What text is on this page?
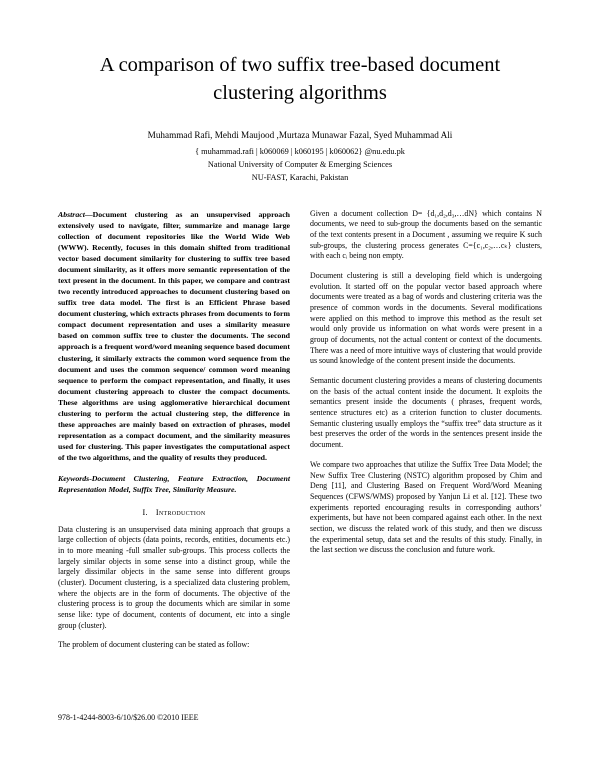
A comparison of two suffix tree-based document clustering algorithms
Muhammad Rafi, Mehdi Maujood ,Murtaza Munawar Fazal, Syed Muhammad Ali
{ muhammad.rafi | k060069 | k060195 | k060062} @nu.edu.pk
National University of Computer & Emerging Sciences
NU-FAST, Karachi, Pakistan

Abstract—Document clustering as an unsupervised approach extensively used to navigate, filter, summarize and manage large collection of document repositories like the World Wide Web (WWW). Recently, focuses in this domain shifted from traditional vector based document similarity for clustering to suffix tree based document similarity, as it offers more semantic representation of the text present in the document. In this paper, we compare and contrast two recently introduced approaches to document clustering based on suffix tree data model. The first is an Efficient Phrase based document clustering, which extracts phrases from documents to form compact document representation and uses a similarity measure based on common suffix tree to cluster the documents. The second approach is a frequent word/word meaning sequence based document clustering, it similarly extracts the common word sequence from the document and uses the common sequence/ common word meaning sequence to perform the compact representation, and finally, it uses document clustering approach to cluster the compact documents. These algorithms are using agglomerative hierarchical document clustering to perform the actual clustering step, the difference in these approaches are mainly based on extraction of phrases, model representation as a compact document, and the similarity measures used for clustering. This paper investigates the computational aspect of the two algorithms, and the quality of results they produced.

Keywords-Document Clustering, Feature Extraction, Document Representation Model, Suffix Tree, Similarity Measure.

I. Introduction

Data clustering is an unsupervised data mining approach that groups a large collection of objects (data points, records, entities, documents etc.) in to more meaning -full smaller sub-groups. This process collects the largely similar objects in some sense into a distinct group, while the largely dissimilar objects in the same sense into different groups (cluster). Document clustering, is a specialized data clustering problem, where the objects are in the form of documents. The objective of the clustering process is to group the documents which are similar in some sense like: type of document, contents of document, etc into a single group (cluster).

The problem of document clustering can be stated as follow:

Given a document collection D= {d₁,d₂,d₃,…dN} which contains N documents, we need to sub-group the documents based on the semantic of the text contents present in a Document , assuming we require K such sub-groups, the clustering process generates C={c₁,c₂,…cₖ} clusters, with each cᵢ being non empty.

Document clustering is still a developing field which is undergoing evolution. It started off on the popular vector based approach where documents were treated as a bag of words and clustering criteria was the presence of common words in the documents. Several modifications were applied on this method to improve this method as the result set would only provide us information on what words were present in a group of documents, not the actual content or context of the documents. There was a need of more intuitive ways of clustering that would provide us sound knowledge of the content present inside the documents.

Semantic document clustering provides a means of clustering documents on the basis of the actual content inside the document. It exploits the semantics present inside the documents ( phrases, frequent words, sentence structures etc) as a criterion function to cluster documents. Semantic clustering usually employs the “suffix tree” data structure as it best preserves the order of the words in the sentences present inside the document.

We compare two approaches that utilize the Suffix Tree Data Model; the New Suffix Tree Clustering (NSTC) algorithm proposed by Chim and Deng [11], and Clustering Based on Frequent Word/Word Meaning Sequences (CFWS/WMS) proposed by Yanjun Li et al. [12]. These two experiments reported encouraging results in corresponding authors’ experiments, but have not been compared against each other. In the next section, we discuss the related work of this study, and then we discuss the experimental setup, data set and the results of this study. Finally, in the last section we discuss the conclusion and future work.

978-1-4244-8003-6/10/$26.00 ©2010 IEEE
